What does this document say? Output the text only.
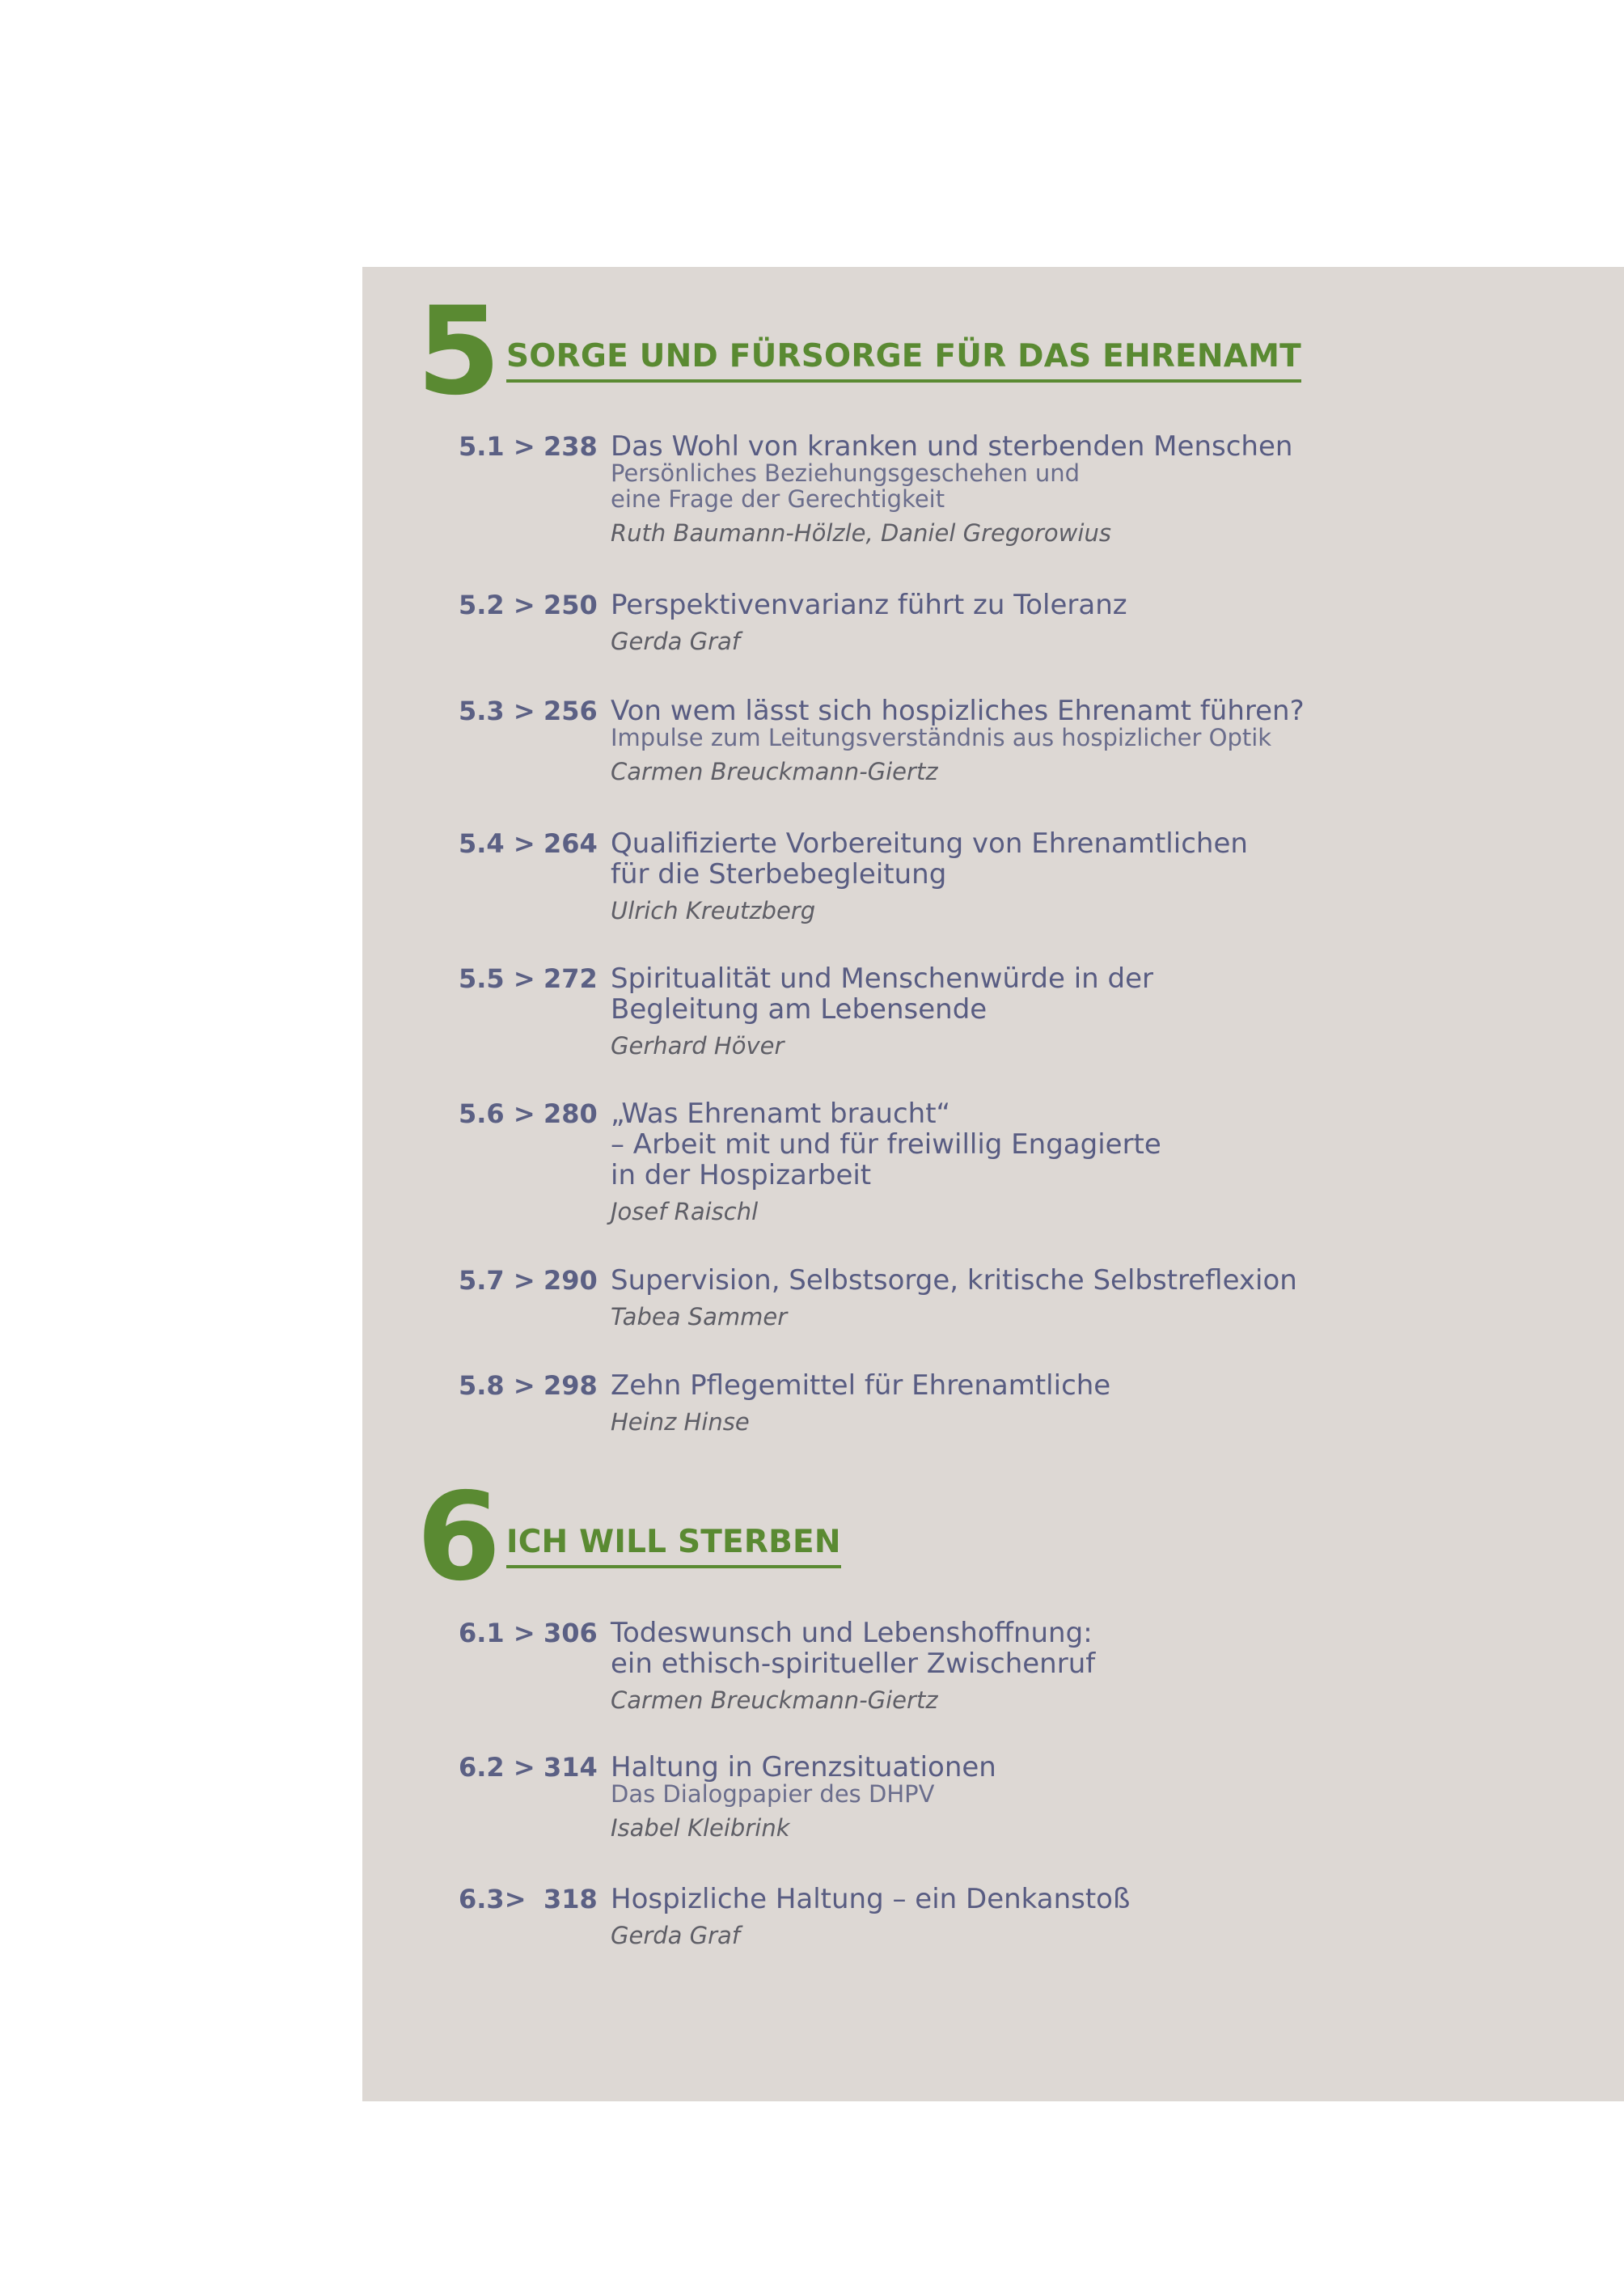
5 SORGE UND FÜRSORGE FÜR DAS EHRENAMT
5.1 > 238 Das Wohl von kranken und sterbenden Menschen
Persönliches Beziehungsgeschehen und
eine Frage der Gerechtigkeit
Ruth Baumann-Hölzle, Daniel Gregorowius
5.2 > 250 Perspektivenvarianz führt zu Toleranz
Gerda Graf
5.3 > 256 Von wem lässt sich hospizliches Ehrenamt führen?
Impulse zum Leitungsverständnis aus hospizlicher Optik
Carmen Breuckmann-Giertz
5.4 > 264 Qualifizierte Vorbereitung von Ehrenamtlichen
für die Sterbebegleitung
Ulrich Kreutzberg
5.5 > 272 Spiritualität und Menschenwürde in der
Begleitung am Lebensende
Gerhard Höver
5.6 > 280 „Was Ehrenamt braucht“
– Arbeit mit und für freiwillig Engagierte
in der Hospizarbeit
Josef Raischl
5.7 > 290 Supervision, Selbstsorge, kritische Selbstreflexion
Tabea Sammer
5.8 > 298 Zehn Pflegemittel für Ehrenamtliche
Heinz Hinse
6 ICH WILL STERBEN
6.1 > 306 Todeswunsch und Lebenshoffnung:
ein ethisch-spiritueller Zwischenruf
Carmen Breuckmann-Giertz
6.2 > 314 Haltung in Grenzsituationen
Das Dialogpapier des DHPV
Isabel Kleibrink
6.3> 318 Hospizliche Haltung – ein Denkanstoß
Gerda Graf
